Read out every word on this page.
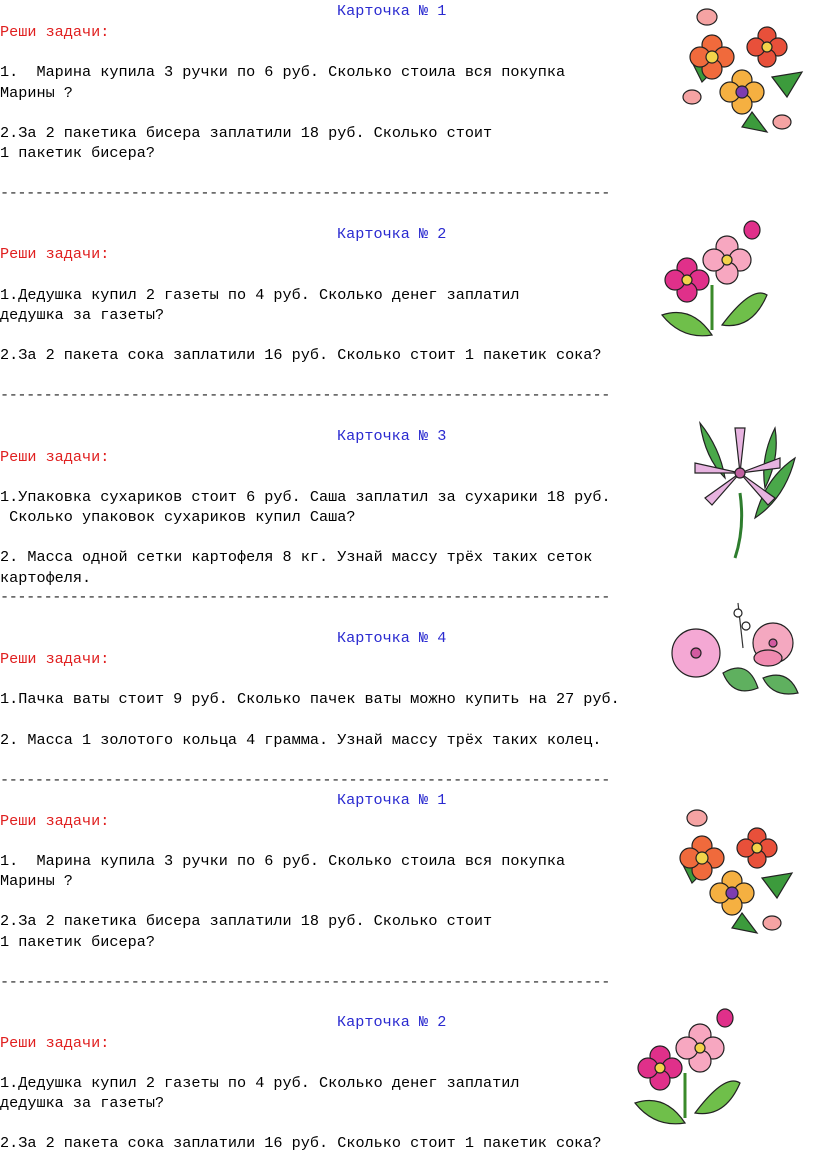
Карточка № 1
Реши задачи:
1.  Марина купила 3 ручки по 6 руб. Сколько стоила вся покупка
Марины ?
2.За 2 пакетика бисера заплатили 18 руб. Сколько стоит
1 пакетик бисера?
----------------------------------------------------------------------
Карточка № 2
Реши задачи:
1.Дедушка купил 2 газеты по 4 руб. Сколько денег заплатил
дедушка за газеты?
2.За 2 пакета сока заплатили 16 руб. Сколько стоит 1 пакетик сока?
----------------------------------------------------------------------
Карточка № 3
Реши задачи:
1.Упаковка сухариков стоит 6 руб. Саша заплатил за сухарики 18 руб.
Сколько упаковок сухариков купил Саша?
2. Масса одной сетки картофеля 8 кг. Узнай массу трёх таких сеток
картофеля.
----------------------------------------------------------------------
Карточка № 4
Реши задачи:
1.Пачка ваты стоит 9 руб. Сколько пачек ваты можно купить на 27 руб.
2. Масса 1 золотого кольца 4 грамма. Узнай массу трёх таких колец.
----------------------------------------------------------------------
Карточка № 1
Реши задачи:
1.  Марина купила 3 ручки по 6 руб. Сколько стоила вся покупка
Марины ?
2.За 2 пакетика бисера заплатили 18 руб. Сколько стоит
1 пакетик бисера?
----------------------------------------------------------------------
Карточка № 2
Реши задачи:
1.Дедушка купил 2 газеты по 4 руб. Сколько денег заплатил
дедушка за газеты?
2.За 2 пакета сока заплатили 16 руб. Сколько стоит 1 пакетик сока?
